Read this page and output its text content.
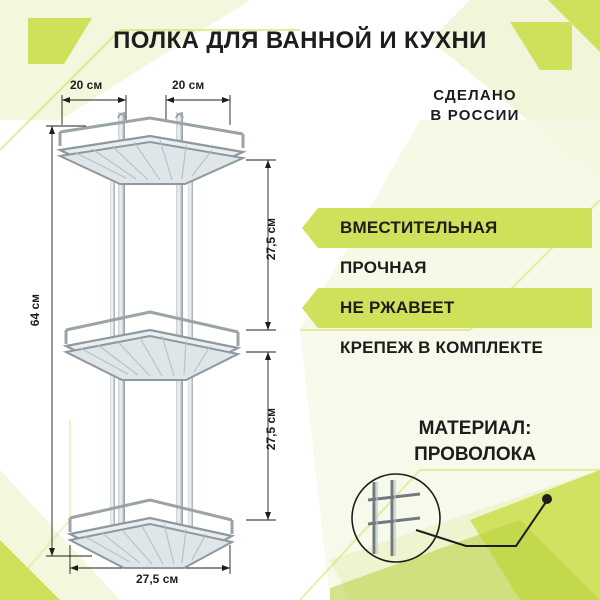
ПОЛКА ДЛЯ ВАННОЙ И КУХНИ
СДЕЛАНО
В РОССИИ
ВМЕСТИТЕЛЬНАЯ
ПРОЧНАЯ
НЕ РЖАВЕЕТ
КРЕПЕЖ В КОМПЛЕКТЕ
МАТЕРИАЛ:
ПРОВОЛОКА
20 см	20 см
27,5 см
27,5 см
64 см
27,5 см
